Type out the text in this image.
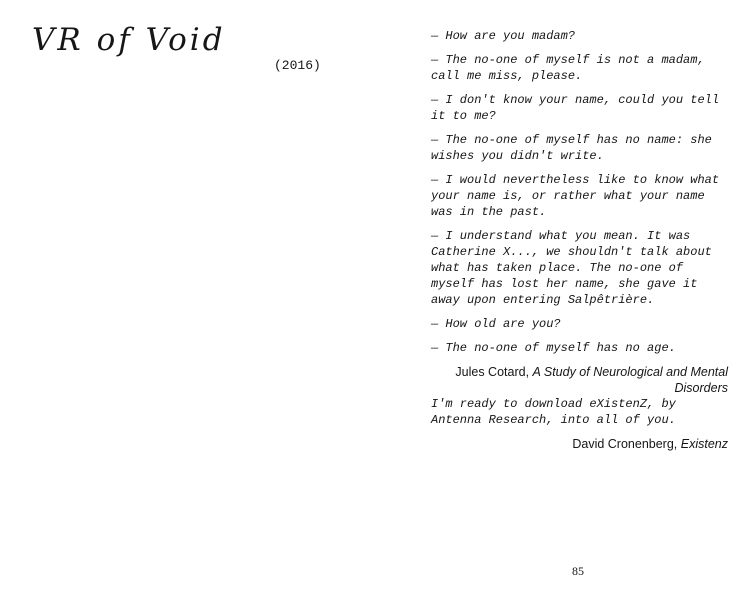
VR of Void
(2016)

— How are you madam?

— The no-one of myself is not a madam, call me miss, please.

— I don't know your name, could you tell it to me?

— The no-one of myself has no name: she wishes you didn't write.

— I would nevertheless like to know what your name is, or rather what your name was in the past.

— I understand what you mean. It was Catherine X..., we shouldn't talk about what has taken place. The no-one of myself has lost her name, she gave it away upon entering Salpêtrière.

— How old are you?

— The no-one of myself has no age.

Jules Cotard, A Study of Neurological and Mental Disorders

I'm ready to download eXistenZ, by Antenna Research, into all of you.

David Cronenberg, Existenz
85
